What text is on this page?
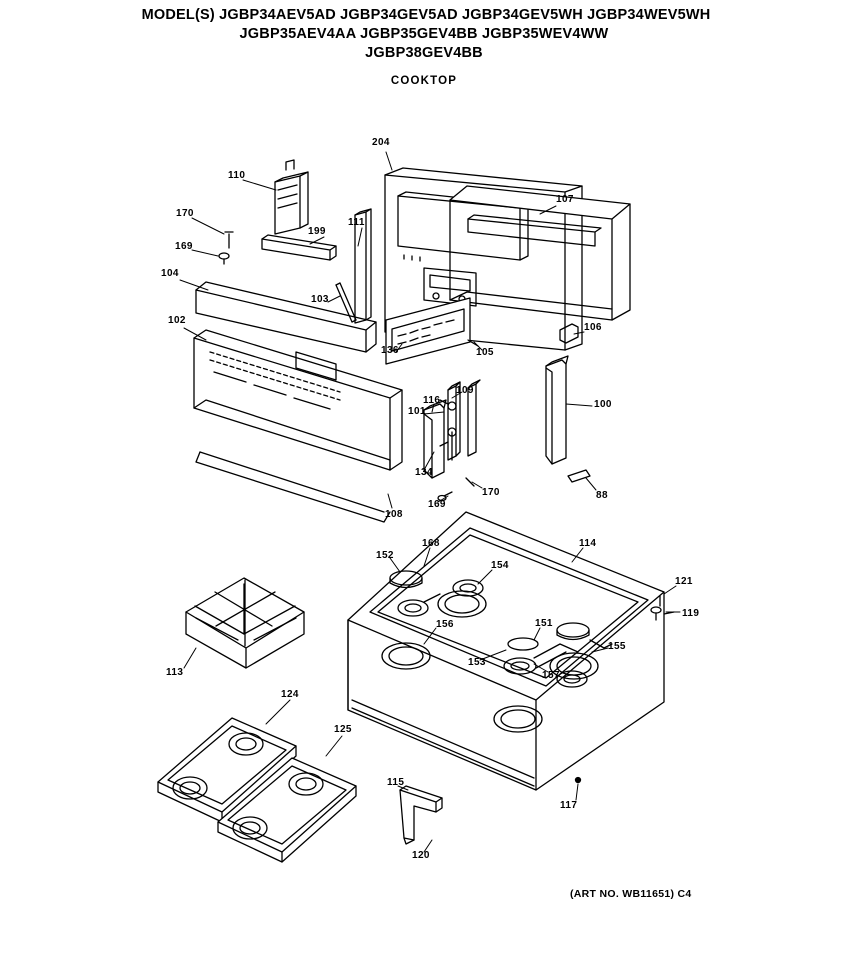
MODEL(S) JGBP34AEV5AD JGBP34GEV5AD JGBP34GEV5WH JGBP34WEV5WH
JGBP35AEV4AA JGBP35GEV4BB JGBP35WEV4WW
JGBP38GEV4BB
COOKTOP
204
110
107
111
170
199
169
104
103
106
102
136	105
109
116	100
101
134
169
170	88
108
114
152
168
154
121
119
156	151
155
113
153
157
124
125
115
117
120
(ART NO. WB11651) C4
